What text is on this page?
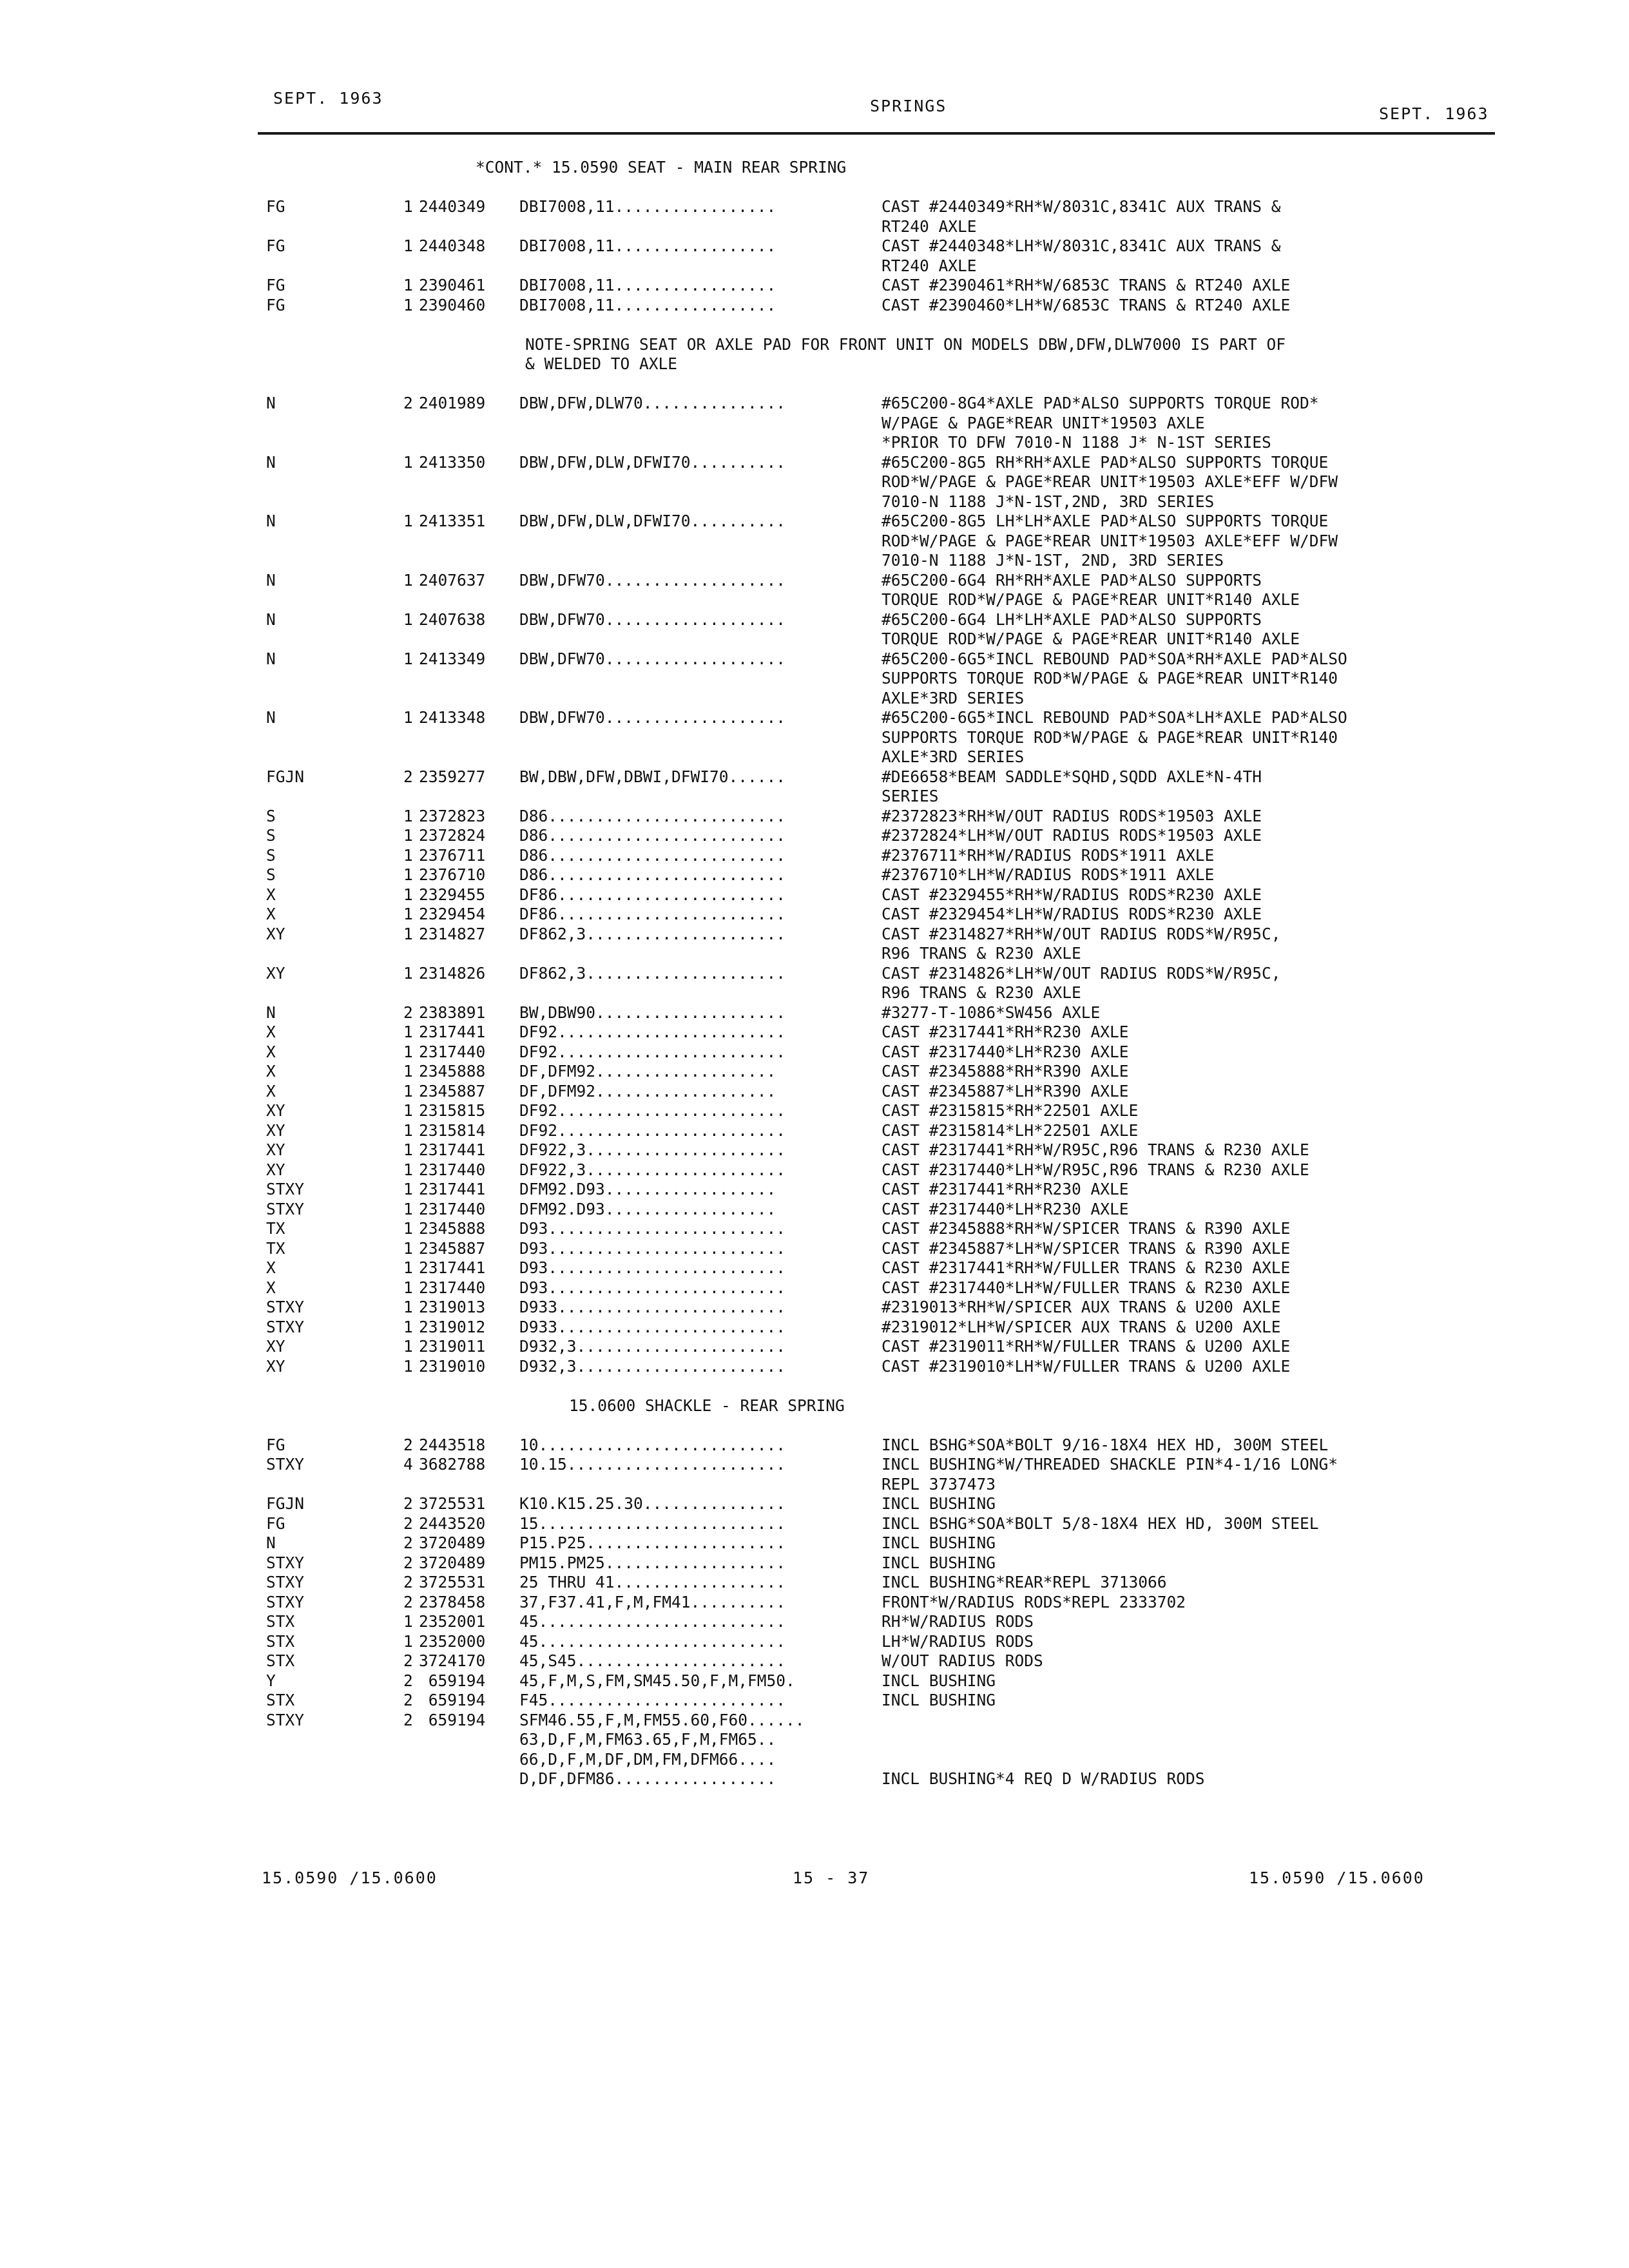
SEPT. 1963	SPRINGS	SEPT. 1963
*CONT.* 15.0590 SEAT - MAIN REAR SPRING
FG	1 2440349 DBI7008,11.................	CAST #2440349*RH*W/8031C,8341C AUX TRANS &
RT240 AXLE
FG	1 2440348 DBI7008,11.................	CAST #2440348*LH*W/8031C,8341C AUX TRANS &
RT240 AXLE
FG	1 2390461 DBI7008,11.................	CAST #2390461*RH*W/6853C TRANS & RT240 AXLE
FG	1 2390460 DBI7008,11.................	CAST #2390460*LH*W/6853C TRANS & RT240 AXLE
NOTE-SPRING SEAT OR AXLE PAD FOR FRONT UNIT ON MODELS DBW,DFW,DLW7000 IS PART OF
& WELDED TO AXLE
N	2 2401989 DBW,DFW,DLW70...............	#65C200-8G4*AXLE PAD*ALSO SUPPORTS TORQUE ROD*
W/PAGE & PAGE*REAR UNIT*19503 AXLE
*PRIOR TO DFW 7010-N 1188 J* N-1ST SERIES
N	1 2413350 DBW,DFW,DLW,DFWI70..........	#65C200-8G5 RH*RH*AXLE PAD*ALSO SUPPORTS TORQUE
ROD*W/PAGE & PAGE*REAR UNIT*19503 AXLE*EFF W/DFW
7010-N 1188 J*N-1ST,2ND, 3RD SERIES
N	1 2413351 DBW,DFW,DLW,DFWI70..........	#65C200-8G5 LH*LH*AXLE PAD*ALSO SUPPORTS TORQUE
ROD*W/PAGE & PAGE*REAR UNIT*19503 AXLE*EFF W/DFW
7010-N 1188 J*N-1ST, 2ND, 3RD SERIES
N	1 2407637 DBW,DFW70...................	#65C200-6G4 RH*RH*AXLE PAD*ALSO SUPPORTS
TORQUE ROD*W/PAGE & PAGE*REAR UNIT*R140 AXLE
N	1 2407638 DBW,DFW70...................	#65C200-6G4 LH*LH*AXLE PAD*ALSO SUPPORTS
TORQUE ROD*W/PAGE & PAGE*REAR UNIT*R140 AXLE
N	1 2413349 DBW,DFW70...................	#65C200-6G5*INCL REBOUND PAD*SOA*RH*AXLE PAD*ALSO
SUPPORTS TORQUE ROD*W/PAGE & PAGE*REAR UNIT*R140
AXLE*3RD SERIES
N	1 2413348 DBW,DFW70...................	#65C200-6G5*INCL REBOUND PAD*SOA*LH*AXLE PAD*ALSO
SUPPORTS TORQUE ROD*W/PAGE & PAGE*REAR UNIT*R140
AXLE*3RD SERIES
FGJN	2 2359277 BW,DBW,DFW,DBWI,DFWI70......	#DE6658*BEAM SADDLE*SQHD,SQDD AXLE*N-4TH
SERIES
S	1 2372823 D86.........................	#2372823*RH*W/OUT RADIUS RODS*19503 AXLE
S	1 2372824 D86.........................	#2372824*LH*W/OUT RADIUS RODS*19503 AXLE
S	1 2376711 D86.........................	#2376711*RH*W/RADIUS RODS*1911 AXLE
S	1 2376710 D86.........................	#2376710*LH*W/RADIUS RODS*1911 AXLE
X	1 2329455 DF86........................	CAST #2329455*RH*W/RADIUS RODS*R230 AXLE
X	1 2329454 DF86........................	CAST #2329454*LH*W/RADIUS RODS*R230 AXLE
XY	1 2314827 DF862,3.....................	CAST #2314827*RH*W/OUT RADIUS RODS*W/R95C,
R96 TRANS & R230 AXLE
XY	1 2314826 DF862,3.....................	CAST #2314826*LH*W/OUT RADIUS RODS*W/R95C,
R96 TRANS & R230 AXLE
N	2 2383891 BW,DBW90....................	#3277-T-1086*SW456 AXLE
X	1 2317441 DF92........................	CAST #2317441*RH*R230 AXLE
X	1 2317440 DF92........................	CAST #2317440*LH*R230 AXLE
X	1 2345888 DF,DFM92...................	CAST #2345888*RH*R390 AXLE
X	1 2345887 DF,DFM92...................	CAST #2345887*LH*R390 AXLE
XY	1 2315815 DF92........................	CAST #2315815*RH*22501 AXLE
XY	1 2315814 DF92........................	CAST #2315814*LH*22501 AXLE
XY	1 2317441 DF922,3.....................	CAST #2317441*RH*W/R95C,R96 TRANS & R230 AXLE
XY	1 2317440 DF922,3.....................	CAST #2317440*LH*W/R95C,R96 TRANS & R230 AXLE
STXY	1 2317441 DFM92.D93..................	CAST #2317441*RH*R230 AXLE
STXY	1 2317440 DFM92.D93..................	CAST #2317440*LH*R230 AXLE
TX	1 2345888 D93.........................	CAST #2345888*RH*W/SPICER TRANS & R390 AXLE
TX	1 2345887 D93.........................	CAST #2345887*LH*W/SPICER TRANS & R390 AXLE
X	1 2317441 D93.........................	CAST #2317441*RH*W/FULLER TRANS & R230 AXLE
X	1 2317440 D93.........................	CAST #2317440*LH*W/FULLER TRANS & R230 AXLE
STXY	1 2319013 D933........................	#2319013*RH*W/SPICER AUX TRANS & U200 AXLE
STXY	1 2319012 D933........................	#2319012*LH*W/SPICER AUX TRANS & U200 AXLE
XY	1 2319011 D932,3......................	CAST #2319011*RH*W/FULLER TRANS & U200 AXLE
XY	1 2319010 D932,3......................	CAST #2319010*LH*W/FULLER TRANS & U200 AXLE
15.0600 SHACKLE - REAR SPRING
FG	2 2443518 10..........................	INCL BSHG*SOA*BOLT 9/16-18X4 HEX HD, 300M STEEL
STXY	4 3682788 10.15.......................	INCL BUSHING*W/THREADED SHACKLE PIN*4-1/16 LONG*
REPL 3737473
FGJN	2 3725531 K10.K15.25.30...............	INCL BUSHING
FG	2 2443520 15..........................	INCL BSHG*SOA*BOLT 5/8-18X4 HEX HD, 300M STEEL
N	2 3720489 P15.P25.....................	INCL BUSHING
STXY	2 3720489 PM15.PM25...................	INCL BUSHING
STXY	2 3725531 25 THRU 41..................	INCL BUSHING*REAR*REPL 3713066
STXY	2 2378458 37,F37.41,F,M,FM41..........	FRONT*W/RADIUS RODS*REPL 2333702
STX	1 2352001 45..........................	RH*W/RADIUS RODS
STX	1 2352000 45..........................	LH*W/RADIUS RODS
STX	2 3724170 45,S45......................	W/OUT RADIUS RODS
Y	2 659194 45,F,M,S,FM,SM45.50,F,M,FM50.	INCL BUSHING
STX	2 659194 F45.........................	INCL BUSHING
STXY	2 659194 SFM46.55,F,M,FM55.60,F60......
63,D,F,M,FM63.65,F,M,FM65..
66,D,F,M,DF,DM,FM,DFM66....
D,DF,DFM86.................	INCL BUSHING*4 REQ D W/RADIUS RODS
15.0590 /15.0600	15 - 37	15.0590 /15.0600
